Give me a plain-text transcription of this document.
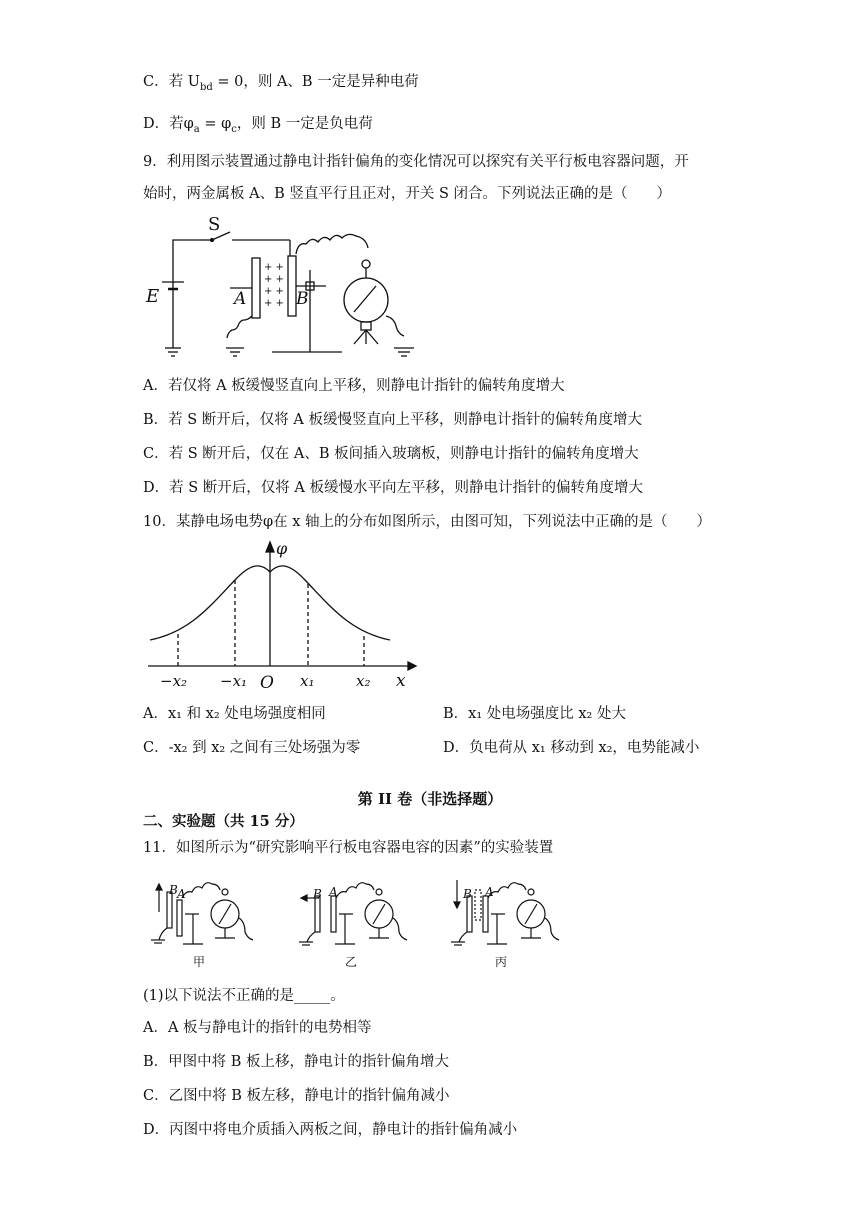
C．若 $U_{bd} = 0$，则 A、B 一定是异种电荷
D．若$\varphi_a = \varphi_c$，则 B 一定是负电荷
9．利用图示装置通过静电计指针偏角的变化情况可以探究有关平行板电容器问题，开
始时，两金属板 A、B 竖直平行且正对，开关 S 闭合。下列说法正确的是（　　）
+ +
+ +
+ +
+ +
S
E	A	B
A．若仅将 A 板缓慢竖直向上平移，则静电计指针的偏转角度增大
B．若 S 断开后，仅将 A 板缓慢竖直向上平移，则静电计指针的偏转角度增大
C．若 S 断开后，仅在 A、B 板间插入玻璃板，则静电计指针的偏转角度增大
D．若 S 断开后，仅将 A 板缓慢水平向左平移，则静电计指针的偏转角度增大
10．某静电场电势φ在 x 轴上的分布如图所示，由图可知，下列说法中正确的是（　　）
φ
O	x
−x₂ −x₁	x₁	x₂
A．x₁ 和 x₂ 处电场强度相同	B．x₁ 处电场强度比 x₂ 处大
C．-x₂ 到 x₂ 之间有三处场强为零	D．负电荷从 x₁ 移动到 x₂，电势能减小
第 II 卷（非选择题）
二、实验题（共 15 分）
11．如图所示为“研究影响平行板电容器电容的因素”的实验装置
B A	B A	B A
甲	乙	丙
(1)以下说法不正确的是_____。
A．A 板与静电计的指针的电势相等
B．甲图中将 B 板上移，静电计的指针偏角增大
C．乙图中将 B 板左移，静电计的指针偏角减小
D．丙图中将电介质插入两板之间，静电计的指针偏角减小
